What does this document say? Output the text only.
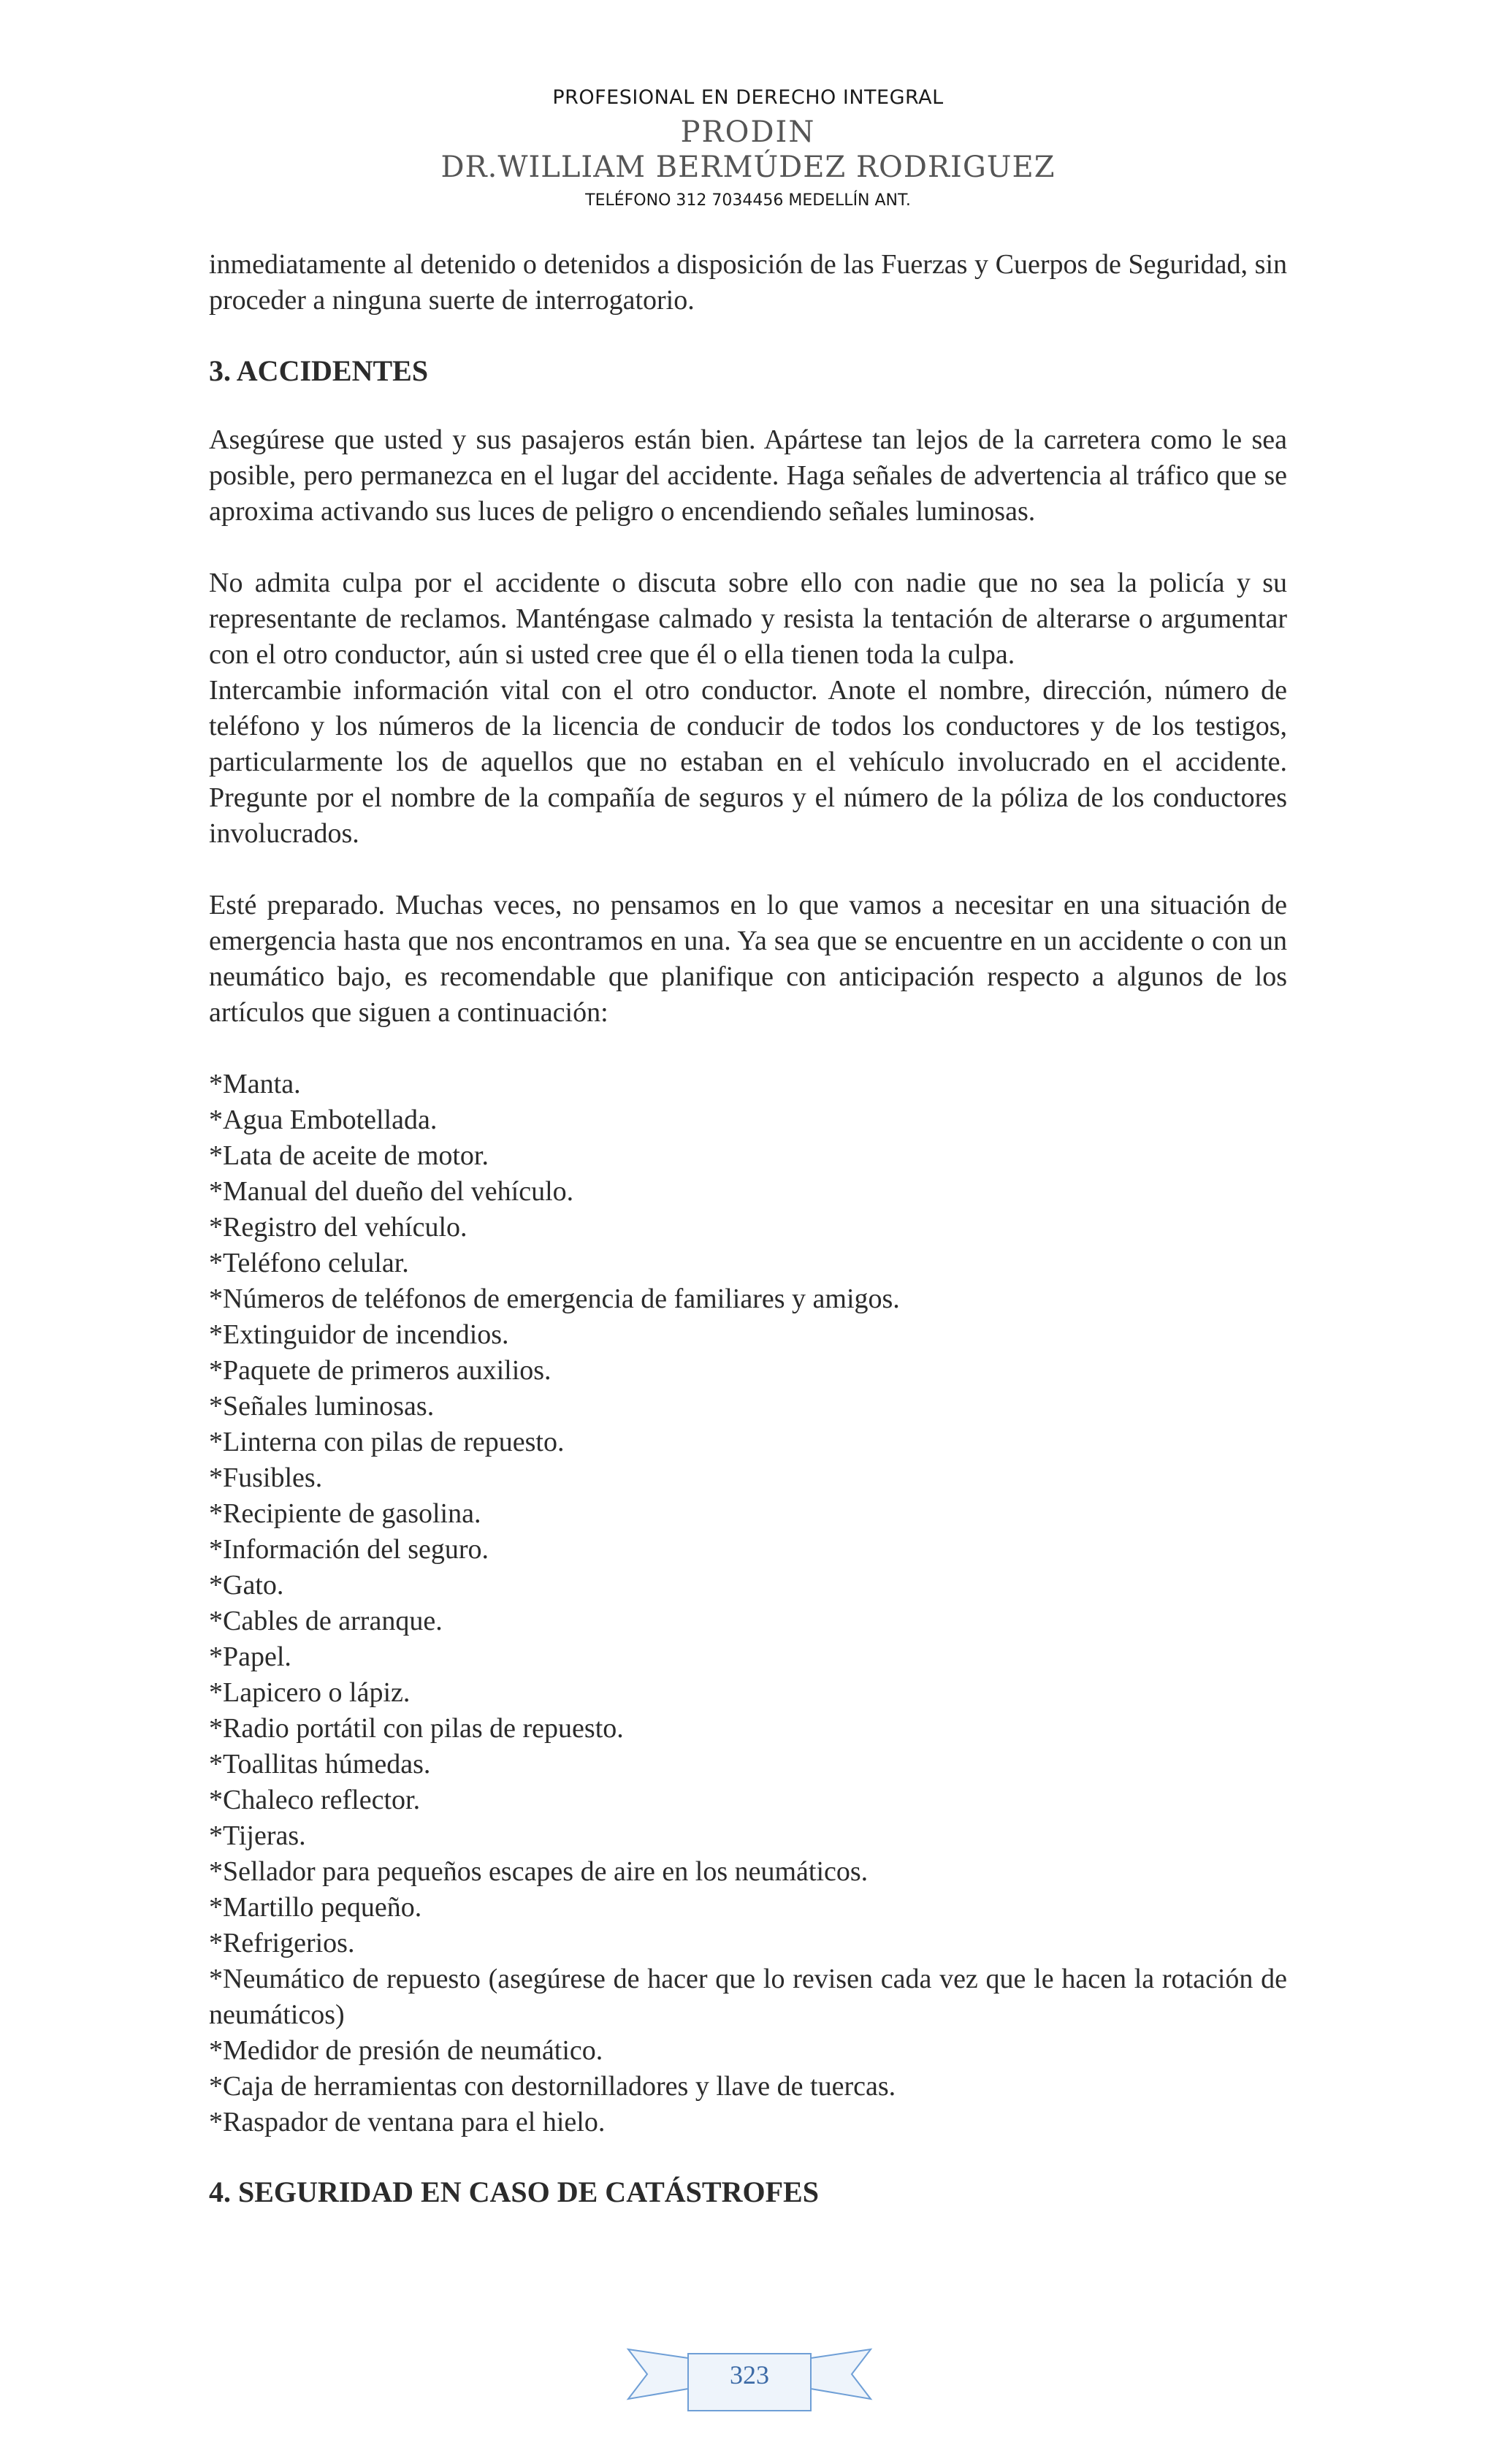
PROFESIONAL EN DERECHO INTEGRAL
PRODIN
DR.WILLIAM BERMÚDEZ RODRIGUEZ
TELÉFONO 312 7034456 MEDELLÍN ANT.

inmediatamente al detenido o detenidos a disposición de las Fuerzas y Cuerpos de Seguridad, sin proceder a ninguna suerte de interrogatorio.

3. ACCIDENTES

Asegúrese que usted y sus pasajeros están bien. Apártese tan lejos de la carretera como le sea posible, pero permanezca en el lugar del accidente. Haga señales de advertencia al tráfico que se aproxima activando sus luces de peligro o encendiendo señales luminosas.

No admita culpa por el accidente o discuta sobre ello con nadie que no sea la policía y su representante de reclamos. Manténgase calmado y resista la tentación de alterarse o argumentar con el otro conductor, aún si usted cree que él o ella tienen toda la culpa.

Intercambie información vital con el otro conductor. Anote el nombre, dirección, número de teléfono y los números de la licencia de conducir de todos los conductores y de los testigos, particularmente los de aquellos que no estaban en el vehículo involucrado en el accidente. Pregunte por el nombre de la compañía de seguros y el número de la póliza de los conductores involucrados.

Esté preparado. Muchas veces, no pensamos en lo que vamos a necesitar en una situación de emergencia hasta que nos encontramos en una. Ya sea que se encuentre en un accidente o con un neumático bajo, es recomendable que planifique con anticipación respecto a algunos de los artículos que siguen a continuación:

*Manta.
*Agua Embotellada.
*Lata de aceite de motor.
*Manual del dueño del vehículo.
*Registro del vehículo.
*Teléfono celular.
*Números de teléfonos de emergencia de familiares y amigos.
*Extinguidor de incendios.
*Paquete de primeros auxilios.
*Señales luminosas.
*Linterna con pilas de repuesto.
*Fusibles.
*Recipiente de gasolina.
*Información del seguro.
*Gato.
*Cables de arranque.
*Papel.
*Lapicero o lápiz.
*Radio portátil con pilas de repuesto.
*Toallitas húmedas.
*Chaleco reflector.
*Tijeras.
*Sellador para pequeños escapes de aire en los neumáticos.
*Martillo pequeño.
*Refrigerios.
*Neumático de repuesto (asegúrese de hacer que lo revisen cada vez que le hacen la rotación de neumáticos)
*Medidor de presión de neumático.
*Caja de herramientas con destornilladores y llave de tuercas.
*Raspador de ventana para el hielo.

4. SEGURIDAD EN CASO DE CATÁSTROFES

323
